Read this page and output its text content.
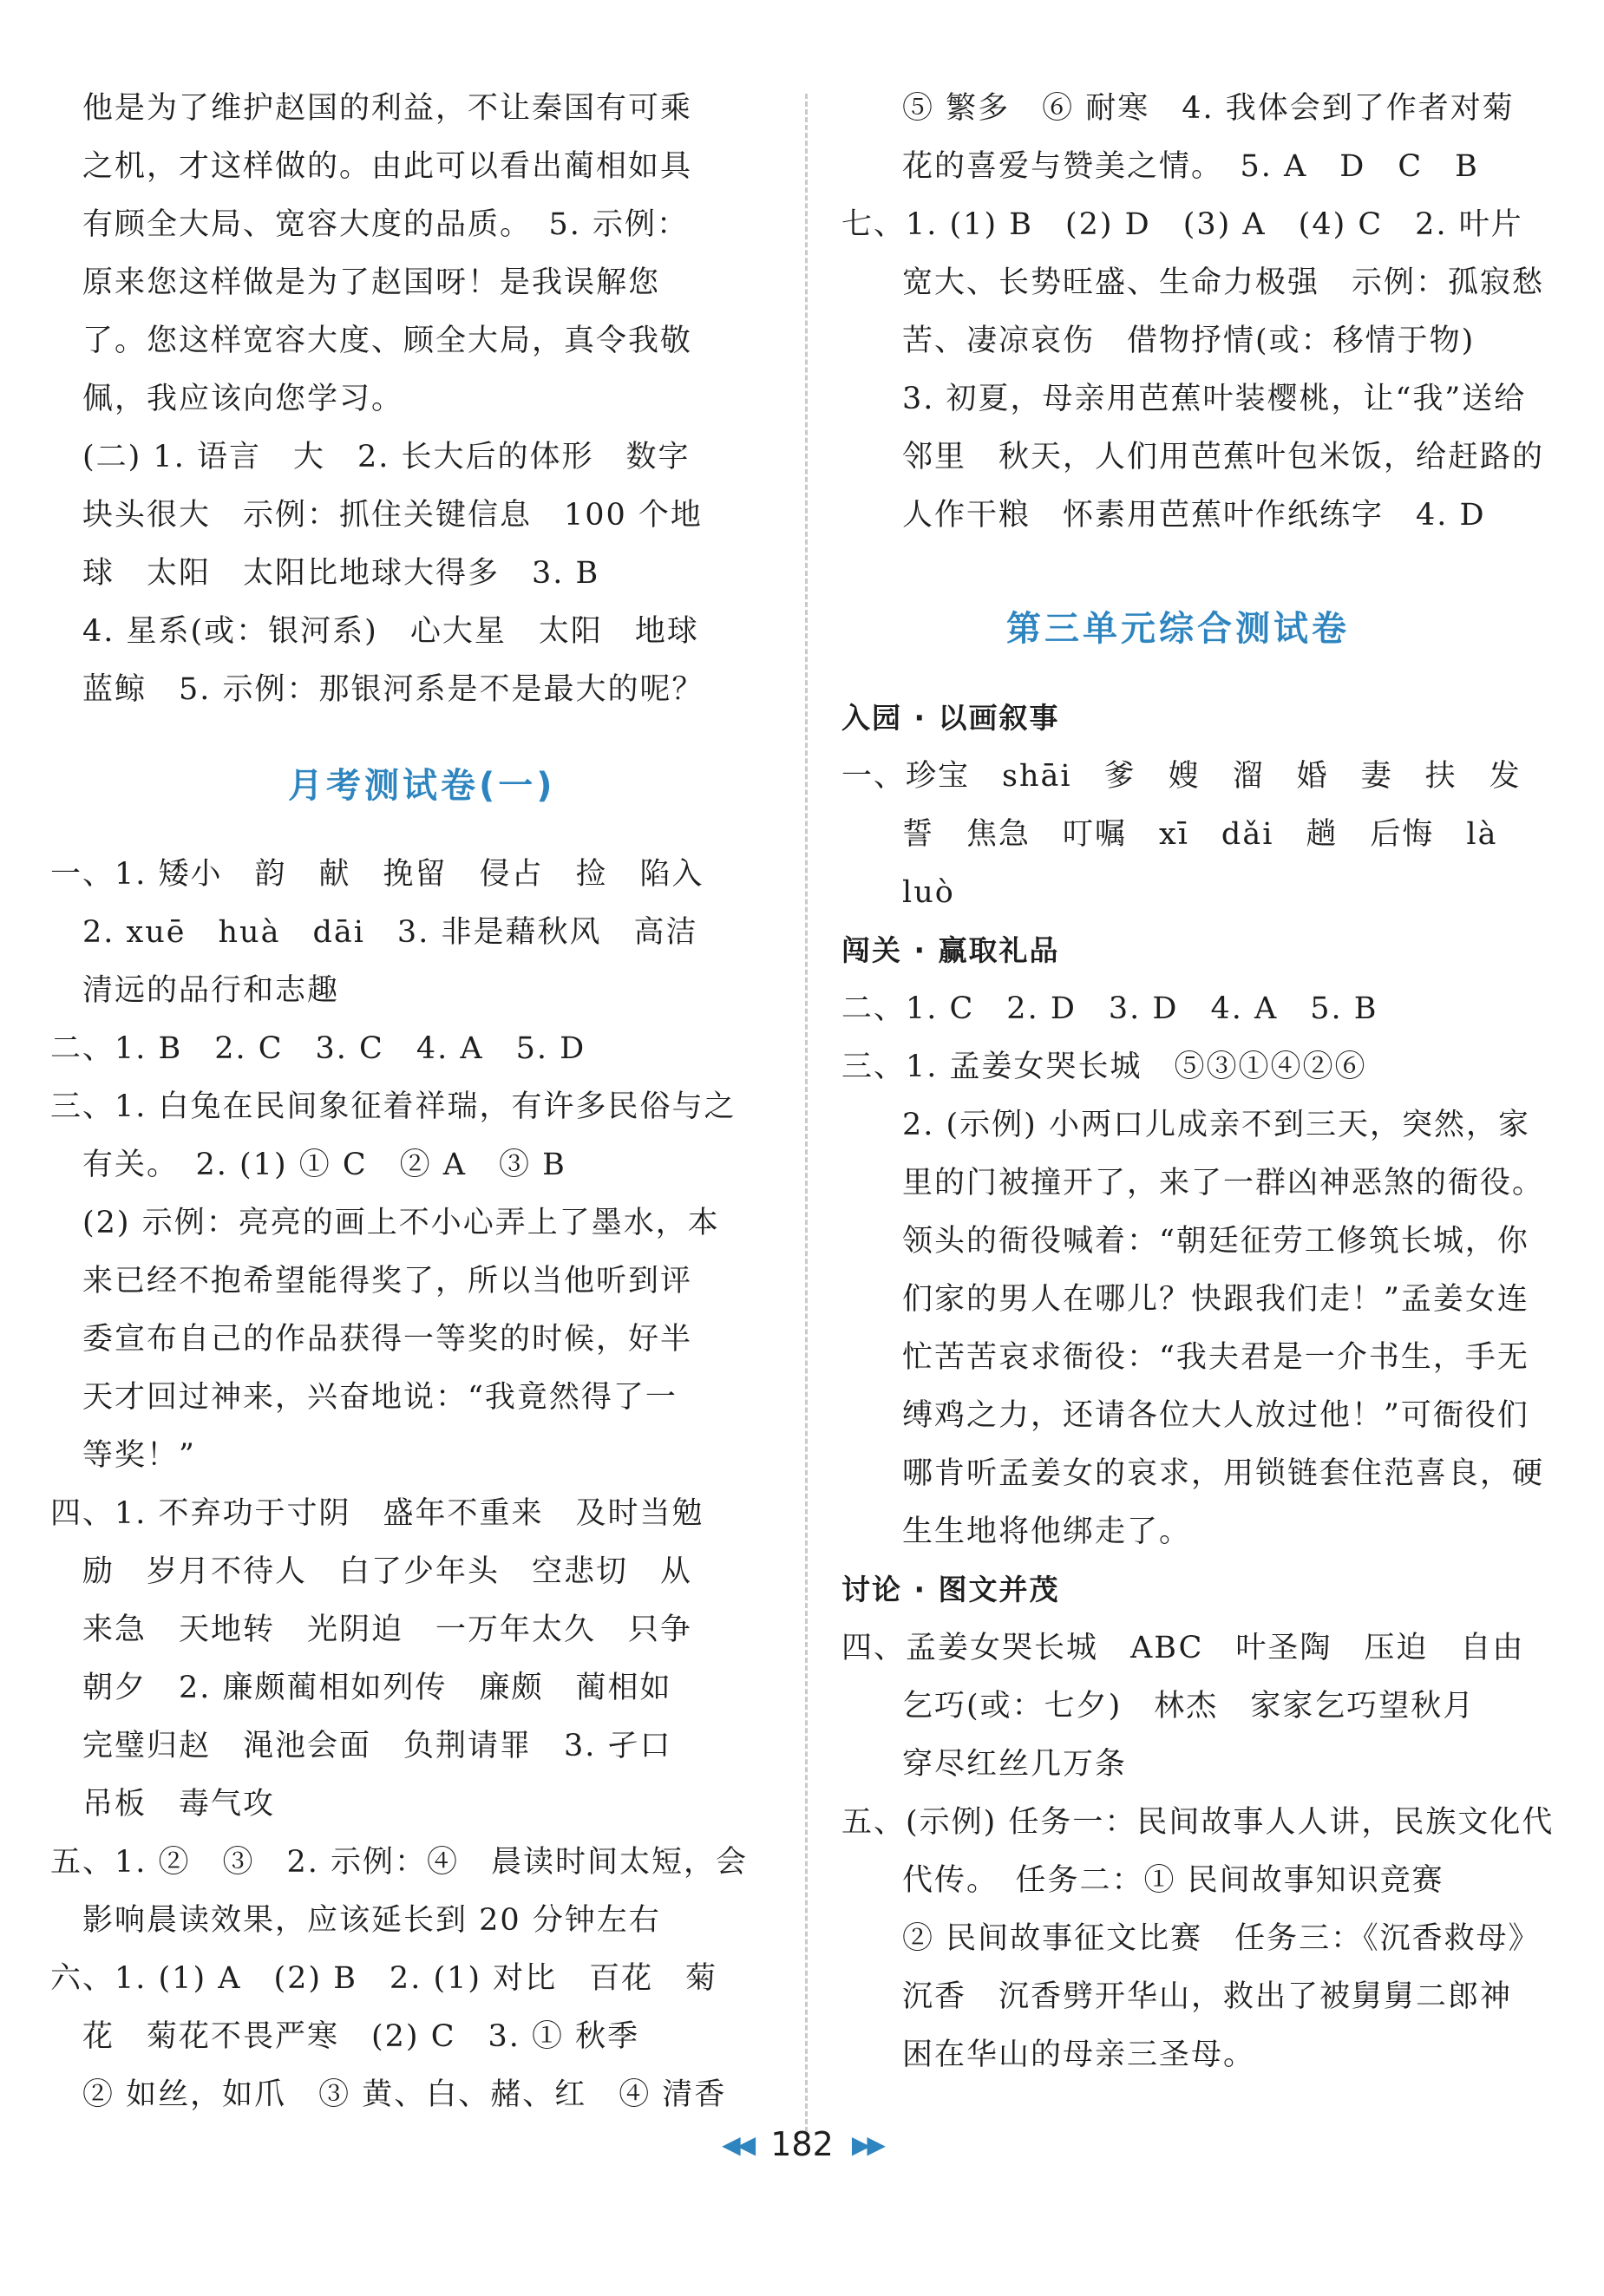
他是为了维护赵国的利益，不让秦国有可乘
之机，才这样做的。由此可以看出蔺相如具
有顾全大局、宽容大度的品质。　5. 示例：
原来您这样做是为了赵国呀！是我误解您
了。您这样宽容大度、顾全大局，真令我敬
佩，我应该向您学习。
(二) 1. 语言　大　2. 长大后的体形　数字
块头很大　示例：抓住关键信息　100 个地
球　太阳　太阳比地球大得多　3. B
4. 星系(或：银河系)　心大星　太阳　地球
蓝鲸　5. 示例：那银河系是不是最大的呢？
月考测试卷(一)
一、1. 矮小　韵　献　挽留　侵占　捡　陷入
2. xuē　huà　dāi　3. 非是藉秋风　高洁
清远的品行和志趣
二、1. B　2. C　3. C　4. A　5. D
三、1. 白兔在民间象征着祥瑞，有许多民俗与之
有关。　2. (1) ① C　② A　③ B
(2) 示例：亮亮的画上不小心弄上了墨水，本
来已经不抱希望能得奖了，所以当他听到评
委宣布自己的作品获得一等奖的时候，好半
天才回过神来，兴奋地说：“我竟然得了一
等奖！”
四、1. 不弃功于寸阴　盛年不重来　及时当勉
励　岁月不待人　白了少年头　空悲切　从
来急　天地转　光阴迫　一万年太久　只争
朝夕　2. 廉颇蔺相如列传　廉颇　蔺相如
完璧归赵　渑池会面　负荆请罪　3. 孑口
吊板　毒气攻
五、1. ②　③　2. 示例：④　晨读时间太短，会
影响晨读效果，应该延长到 20 分钟左右
六、1. (1) A　(2) B　2. (1) 对比　百花　菊
花　菊花不畏严寒　(2) C　3. ① 秋季
② 如丝，如爪　③ 黄、白、赭、红　④ 清香
⑤ 繁多　⑥ 耐寒　4. 我体会到了作者对菊
花的喜爱与赞美之情。　5. A　D　C　B
七、1. (1) B　(2) D　(3) A　(4) C　2. 叶片
宽大、长势旺盛、生命力极强　示例：孤寂愁
苦、凄凉哀伤　借物抒情(或：移情于物)
3. 初夏，母亲用芭蕉叶装樱桃，让“我”送给
邻里　秋天，人们用芭蕉叶包米饭，给赶路的
人作干粮　怀素用芭蕉叶作纸练字　4. D
第三单元综合测试卷
入园 · 以画叙事
一、珍宝　shāi　爹　嫂　溜　婚　妻　扶　发
誓　焦急　叮嘱　xī　dǎi　趟　后悔　là
luò
闯关 · 赢取礼品
二、1. C　2. D　3. D　4. A　5. B
三、1. 孟姜女哭长城　⑤③①④②⑥
2. (示例) 小两口儿成亲不到三天，突然，家
里的门被撞开了，来了一群凶神恶煞的衙役。
领头的衙役喊着：“朝廷征劳工修筑长城，你
们家的男人在哪儿？快跟我们走！”孟姜女连
忙苦苦哀求衙役：“我夫君是一介书生，手无
缚鸡之力，还请各位大人放过他！”可衙役们
哪肯听孟姜女的哀求，用锁链套住范喜良，硬
生生地将他绑走了。
讨论 · 图文并茂
四、孟姜女哭长城　ABC　叶圣陶　压迫　自由
乞巧(或：七夕)　林杰　家家乞巧望秋月
穿尽红丝几万条
五、(示例) 任务一：民间故事人人讲，民族文化代
代传。　任务二：① 民间故事知识竞赛
② 民间故事征文比赛　任务三：《沉香救母》
沉香　沉香劈开华山，救出了被舅舅二郎神
困在华山的母亲三圣母。
◀◀ 182 ▶▶
